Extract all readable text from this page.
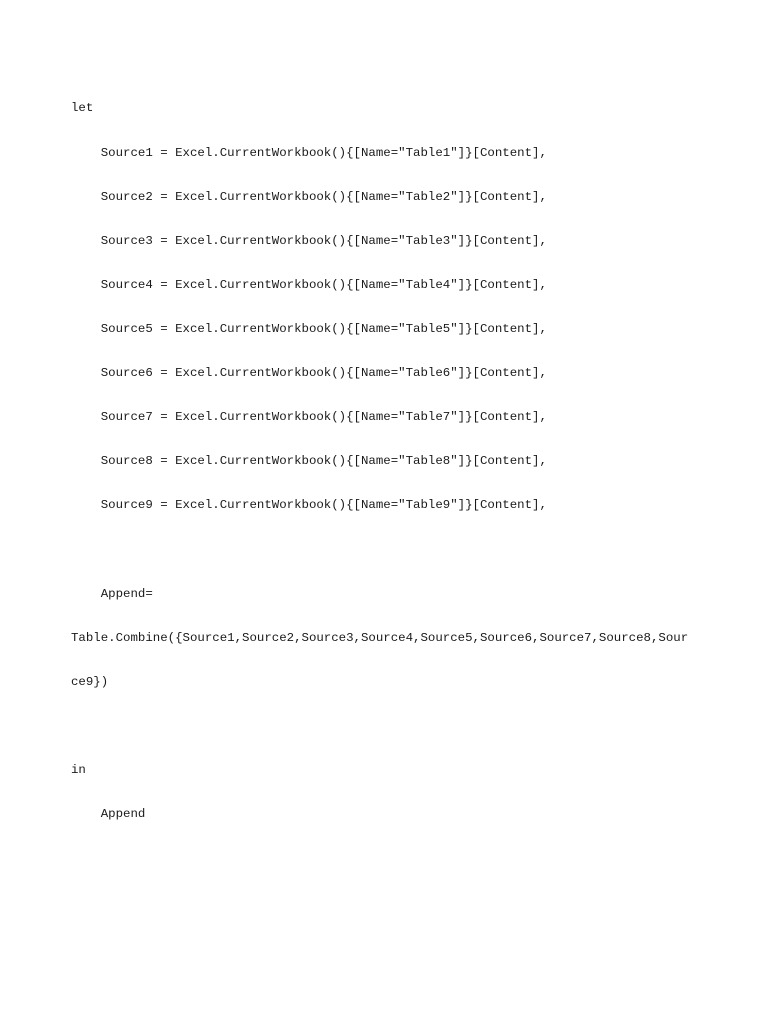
let

Source1 = Excel.CurrentWorkbook(){[Name="Table1"]}[Content],

Source2 = Excel.CurrentWorkbook(){[Name="Table2"]}[Content],

Source3 = Excel.CurrentWorkbook(){[Name="Table3"]}[Content],

Source4 = Excel.CurrentWorkbook(){[Name="Table4"]}[Content],

Source5 = Excel.CurrentWorkbook(){[Name="Table5"]}[Content],

Source6 = Excel.CurrentWorkbook(){[Name="Table6"]}[Content],

Source7 = Excel.CurrentWorkbook(){[Name="Table7"]}[Content],

Source8 = Excel.CurrentWorkbook(){[Name="Table8"]}[Content],

Source9 = Excel.CurrentWorkbook(){[Name="Table9"]}[Content],

Append=

Table.Combine({Source1,Source2,Source3,Source4,Source5,Source6,Source7,Source8,Sour

ce9})

in

Append
